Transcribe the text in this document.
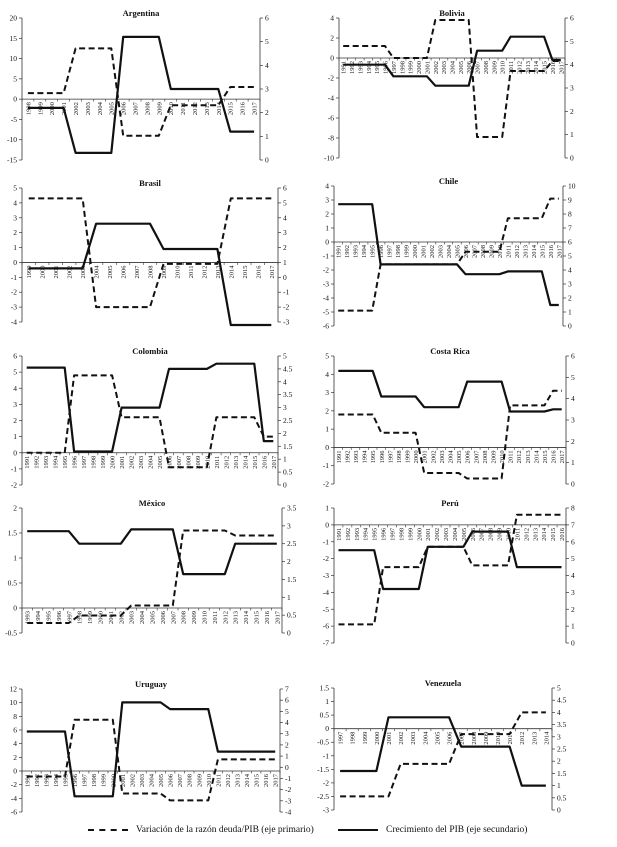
Argentina
-15
-10
-5
0
5
10
15
20
0
1
2
3
4
5
6
1998 1999 2000 2001 2002 2003 2004 2005 2006 2007 2008 2009 2010 2011 2012 2013 2014 2015 2016 2017
Bolivia
-10
-8
-6
-4
-2
0
2
4
0
1
2
3
4
5
6
1991 1992 1993 1994 1995 1996 1997 1998 1999 2000 2001 2002 2003 2004 2005 2006 2007 2008 2009 2010 2011 2012 2013 2014 2015 2016 2017
Brasil
-4
-3
-2
-1
0
1
2
3
4
5
-3
-2
-1
0
1
2
3
4
5
6
1999 2000 2001 2002 2003 2004 2005 2006 2007 2008 2009 2010 2011 2012 2013 2014 2015 2016 2017
Chile
-6
-5
-4
-3
-2
-1
0
1
2
3
4
0
1
2
3
4
5
6
7
8
9
10
1991 1992 1993 1994 1995 1996 1997 1998 1999 2000 2001 2002 2003 2004 2005 2006 2007 2008 2009 2010 2011 2012 2013 2014 2015 2016 2017
Colombia
-2
-1
0
1
2
3
4
5
6
0
0.5
1
1.5
2
2.5
3
3.5
4
4.5
5
1991 1992 1993 1994 1995 1996 1997 1998 1999 2000 2001 2002 2003 2004 2005 2006 2007 2008 2009 2010 2011 2012 2013 2014 2015 2016 2017
Costa Rica
-2
-1
0
1
2
3
4
5
0
1
2
3
4
5
6
1991 1992 1993 1994 1995 1996 1997 1998 1999 2000 2001 2002 2003 2004 2005 2006 2007 2008 2009 2010 2011 2012 2013 2014 2015 2016 2017
México
-0.5
0
0.5
1
1.5
2
0
0.5
1
1.5
2
2.5
3
3.5
1993 1994 1995 1996 1997 1998 1999 2000 2001 2002 2003 2004 2005 2006 2007 2008 2009 2010 2011 2012 2013 2014 2015 2016 2017
Perú
-7
-6
-5
-4
-3
-2
-1
0
1
0
1
2
3
4
5
6
7
8
1991 1992 1993 1994 1995 1996 1997 1998 1999 2000 2001 2002 2003 2004 2005 2006 2007 2008 2009 2010 2011 2012 2013 2014 2015 2016
Uruguay
-6
-4
-2
0
2
4
6
8
10
12
-4
-3
-2
-1
0
1
2
3
4
5
6
7
1991 1992 1993 1994 1995 1996 1997 1998 1999 2000 2001 2002 2003 2004 2005 2006 2007 2008 2009 2010 2011 2012 2013 2014 2015 2016 2017
Venezuela
-3
-2.5
-2
-1.5
-1
-0.5
0
0.5
1
1.5
0
0.5
1
1.5
2
2.5
3
3.5
4
4.5
5
1997 1998 1999 2000 2001 2002 2003 2004 2005 2006 2007 2008 2009 2010 2011 2012 2013 2014
Variación de la razón deuda/PIB (eje primario)	Crecimiento del PIB (eje secundario)
